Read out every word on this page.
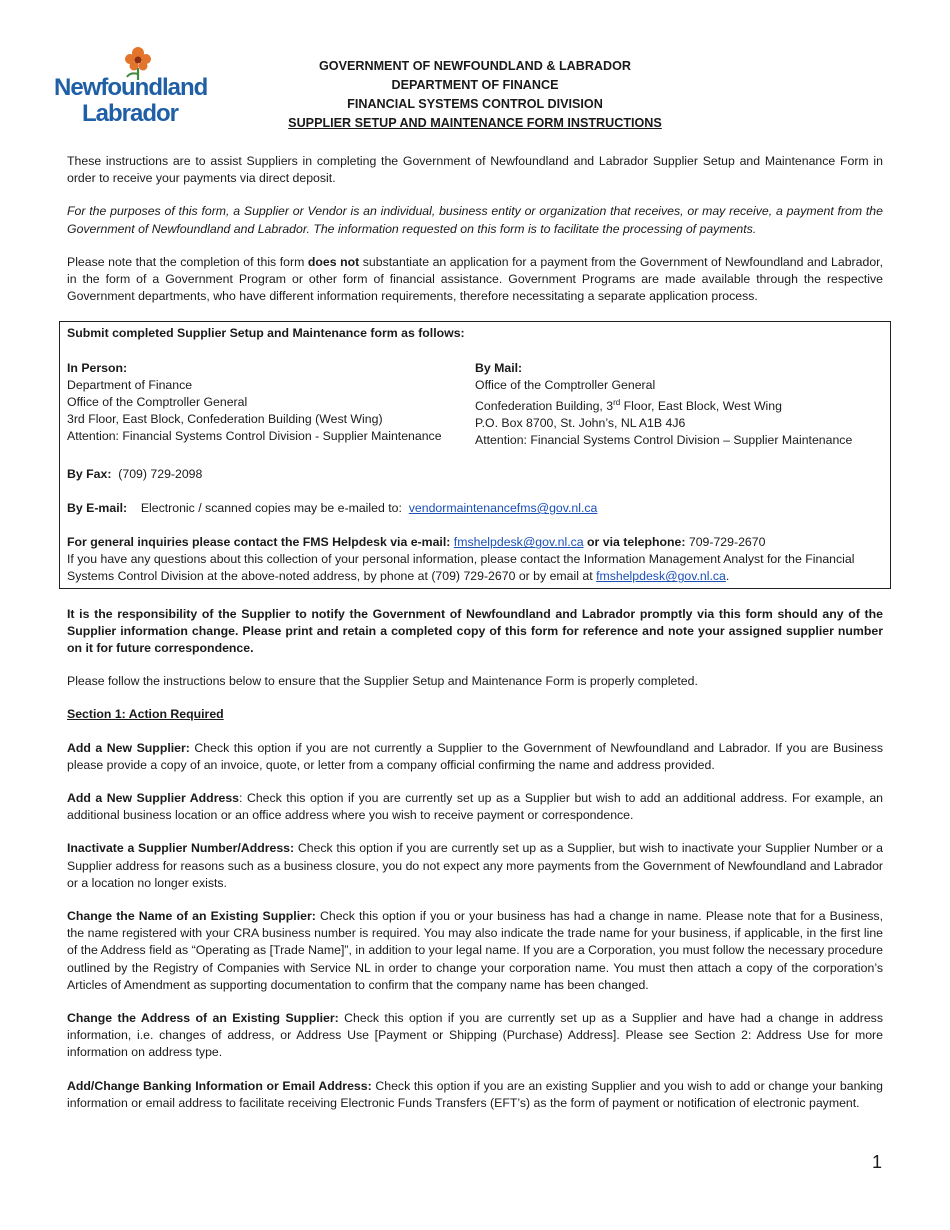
Newfoundland
Labrador
GOVERNMENT OF NEWFOUNDLAND & LABRADOR
DEPARTMENT OF FINANCE
FINANCIAL SYSTEMS CONTROL DIVISION
SUPPLIER SETUP AND MAINTENANCE FORM INSTRUCTIONS

These instructions are to assist Suppliers in completing the Government of Newfoundland and Labrador Supplier Setup and Maintenance Form in order to receive your payments via direct deposit.

For the purposes of this form, a Supplier or Vendor is an individual, business entity or organization that receives, or may receive, a payment from the Government of Newfoundland and Labrador. The information requested on this form is to facilitate the processing of payments.

Please note that the completion of this form does not substantiate an application for a payment from the Government of Newfoundland and Labrador, in the form of a Government Program or other form of financial assistance. Government Programs are made available through the respective Government departments, who have different information requirements, therefore necessitating a separate application process.

Submit completed Supplier Setup and Maintenance form as follows:
In Person:
Department of Finance
Office of the Comptroller General
3rd Floor, East Block, Confederation Building (West Wing)
Attention: Financial Systems Control Division - Supplier Maintenance
By Mail:
Office of the Comptroller General
Confederation Building, 3rd Floor, East Block, West Wing
P.O. Box 8700, St. John’s, NL A1B 4J6
Attention: Financial Systems Control Division – Supplier Maintenance
By Fax: (709) 729-2098
By E-mail: Electronic / scanned copies may be e-mailed to: vendormaintenancefms@gov.nl.ca
For general inquiries please contact the FMS Helpdesk via e-mail: fmshelpdesk@gov.nl.ca or via telephone: 709-729-2670
If you have any questions about this collection of your personal information, please contact the Information Management Analyst for the Financial Systems Control Division at the above-noted address, by phone at (709) 729-2670 or by email at fmshelpdesk@gov.nl.ca.

It is the responsibility of the Supplier to notify the Government of Newfoundland and Labrador promptly via this form should any of the Supplier information change. Please print and retain a completed copy of this form for reference and note your assigned supplier number on it for future correspondence.

Please follow the instructions below to ensure that the Supplier Setup and Maintenance Form is properly completed.

Section 1: Action Required

Add a New Supplier: Check this option if you are not currently a Supplier to the Government of Newfoundland and Labrador. If you are Business please provide a copy of an invoice, quote, or letter from a company official confirming the name and address provided.

Add a New Supplier Address: Check this option if you are currently set up as a Supplier but wish to add an additional address. For example, an additional business location or an office address where you wish to receive payment or correspondence.

Inactivate a Supplier Number/Address: Check this option if you are currently set up as a Supplier, but wish to inactivate your Supplier Number or a Supplier address for reasons such as a business closure, you do not expect any more payments from the Government of Newfoundland and Labrador or a location no longer exists.

Change the Name of an Existing Supplier: Check this option if you or your business has had a change in name. Please note that for a Business, the name registered with your CRA business number is required. You may also indicate the trade name for your business, if applicable, in the first line of the Address field as “Operating as [Trade Name]”, in addition to your legal name. If you are a Corporation, you must follow the necessary procedure outlined by the Registry of Companies with Service NL in order to change your corporation name. You must then attach a copy of the corporation’s Articles of Amendment as supporting documentation to confirm that the company name has been changed.

Change the Address of an Existing Supplier: Check this option if you are currently set up as a Supplier and have had a change in address information, i.e. changes of address, or Address Use [Payment or Shipping (Purchase) Address]. Please see Section 2: Address Use for more information on address type.

Add/Change Banking Information or Email Address: Check this option if you are an existing Supplier and you wish to add or change your banking information or email address to facilitate receiving Electronic Funds Transfers (EFT’s) as the form of payment or notification of electronic payment.

1
